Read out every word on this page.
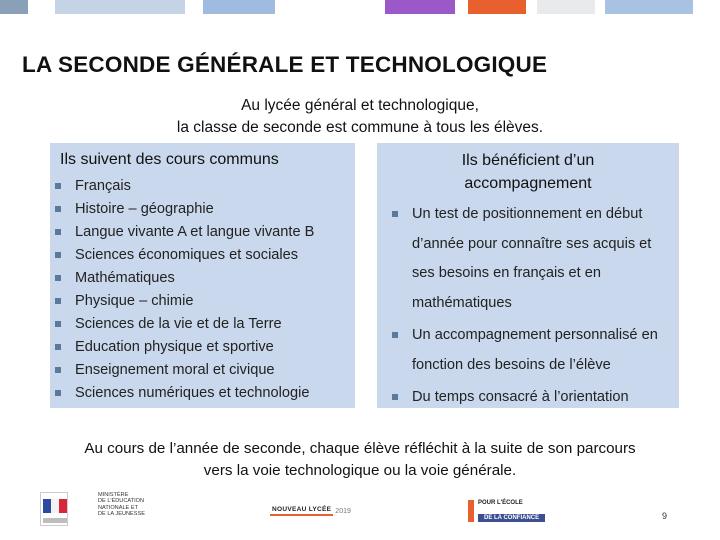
LA SECONDE GÉNÉRALE ET TECHNOLOGIQUE
Au lycée général et technologique,
la classe de seconde est commune à tous les élèves.
Ils suivent des cours communs
Français
Histoire – géographie
Langue vivante A et langue vivante B
Sciences économiques et sociales
Mathématiques
Physique – chimie
Sciences de la vie et de la Terre
Education physique et sportive
Enseignement moral et civique
Sciences numériques et technologie
Ils bénéficient d’un
accompagnement
Un test de positionnement en début d’année pour connaître ses acquis et ses besoins en français et en mathématiques
Un accompagnement personnalisé en fonction des besoins de l’élève
Du temps consacré à l’orientation
Au cours de l’année de seconde, chaque élève réfléchit à la suite de son parcours
vers la voie technologique ou la voie générale.
MINISTÈRE
DE L'ÉDUCATION
NATIONALE ET
DE LA JEUNESSE
NOUVEAU LYCÉE 2019
POUR L'ÉCOLE
DE LA CONFIANCE	9
